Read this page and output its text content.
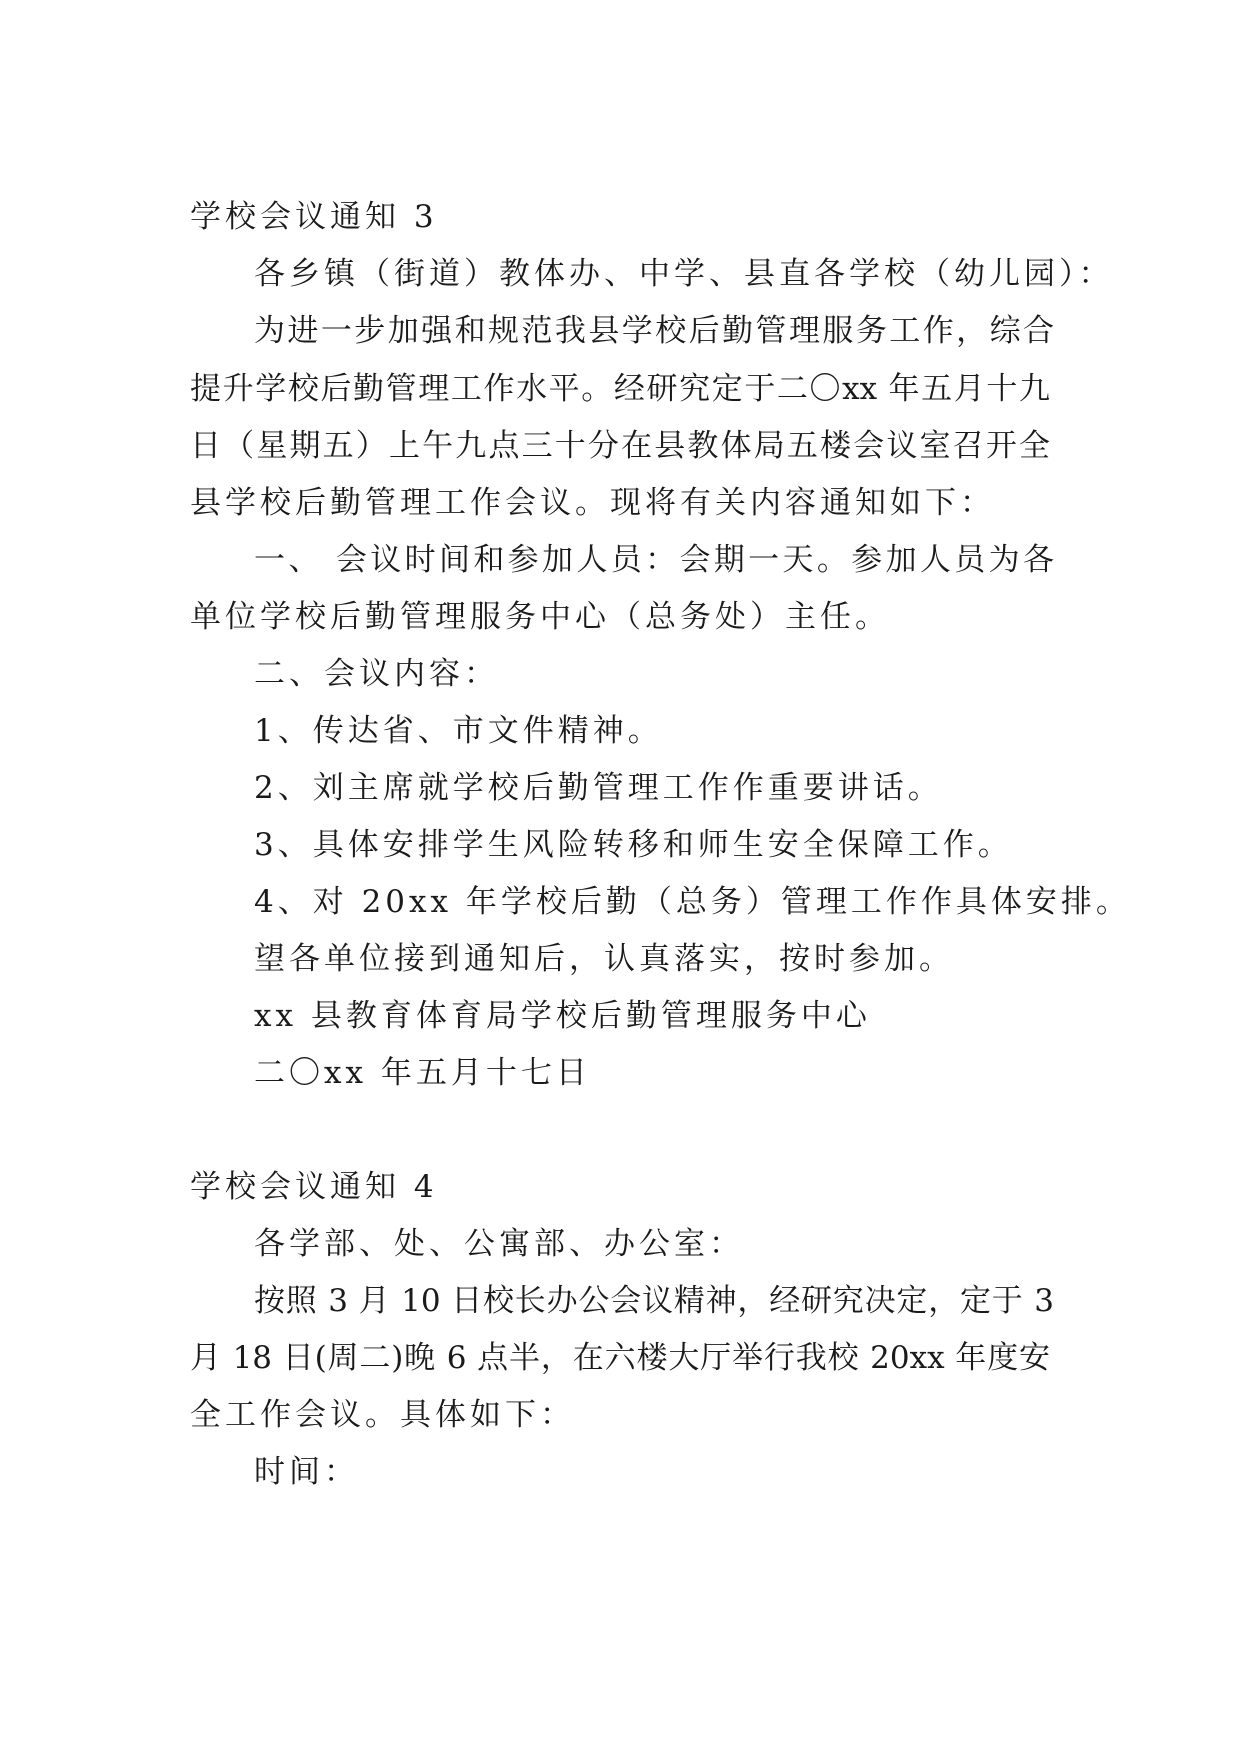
学校会议通知 3
各乡镇（街道）教体办、中学、县直各学校（幼儿园）：
为进一步加强和规范我县学校后勤管理服务工作，综合
提升学校后勤管理工作水平。经研究定于二〇xx 年五月十九
日（星期五）上午九点三十分在县教体局五楼会议室召开全
县学校后勤管理工作会议。现将有关内容通知如下：
一、 会议时间和参加人员：会期一天。参加人员为各
单位学校后勤管理服务中心（总务处）主任。
二、会议内容：
1、传达省、市文件精神。
2、刘主席就学校后勤管理工作作重要讲话。
3、具体安排学生风险转移和师生安全保障工作。
4、对 20xx 年学校后勤（总务）管理工作作具体安排。
望各单位接到通知后，认真落实，按时参加。
xx 县教育体育局学校后勤管理服务中心
二〇xx 年五月十七日
学校会议通知 4
各学部、处、公寓部、办公室：
按照 3 月 10 日校长办公会议精神，经研究决定，定于 3
月 18 日(周二)晚 6 点半，在六楼大厅举行我校 20xx 年度安
全工作会议。具体如下：
时间：
